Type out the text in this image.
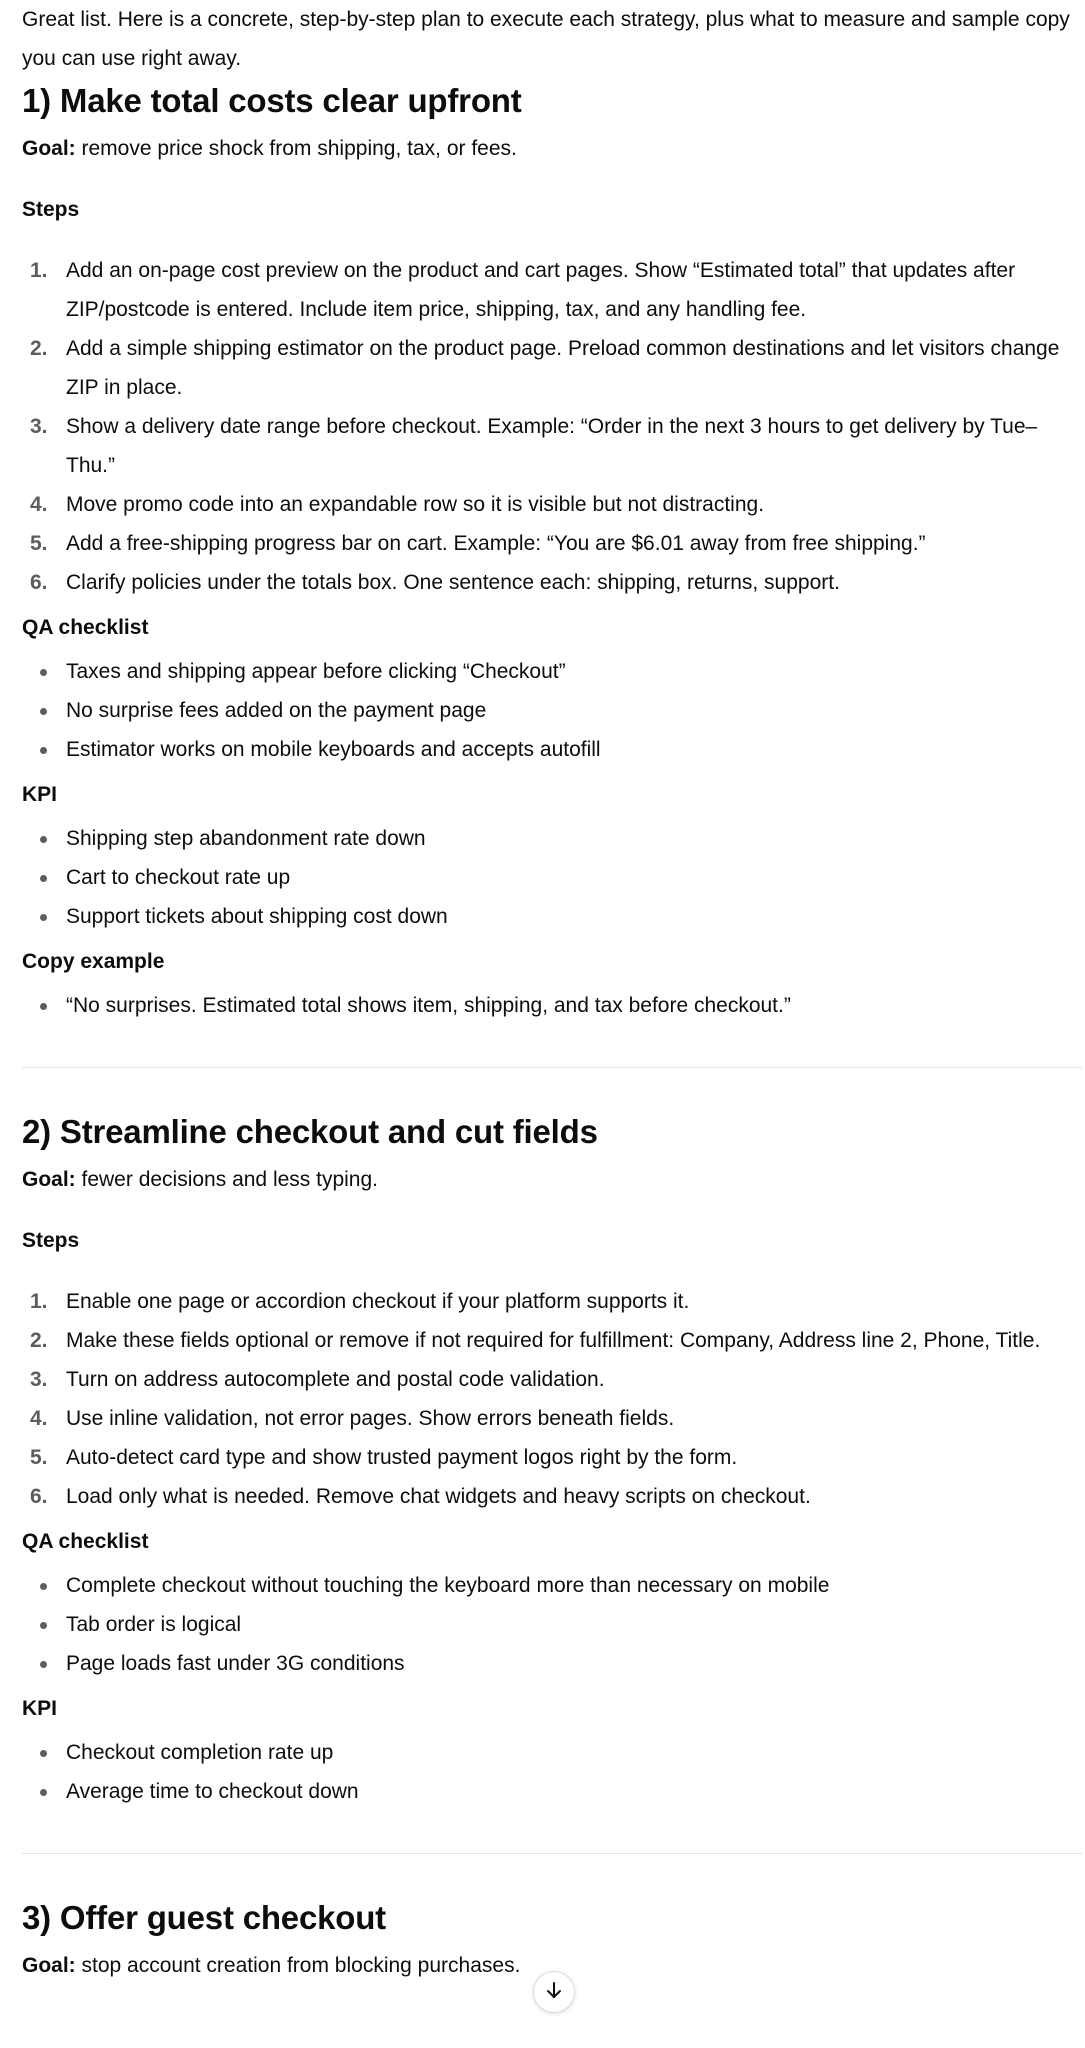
Great list. Here is a concrete, step-by-step plan to execute each strategy, plus what to measure and sample copy you can use right away.

1) Make total costs clear upfront

Goal: remove price shock from shipping, tax, or fees.

Steps
1. Add an on-page cost preview on the product and cart pages. Show “Estimated total” that updates after ZIP/postcode is entered. Include item price, shipping, tax, and any handling fee.
2. Add a simple shipping estimator on the product page. Preload common destinations and let visitors change ZIP in place.
3. Show a delivery date range before checkout. Example: “Order in the next 3 hours to get delivery by Tue–Thu.”
4. Move promo code into an expandable row so it is visible but not distracting.
5. Add a free-shipping progress bar on cart. Example: “You are $6.01 away from free shipping.”
6. Clarify policies under the totals box. One sentence each: shipping, returns, support.
QA checklist
Taxes and shipping appear before clicking “Checkout”
No surprise fees added on the payment page
Estimator works on mobile keyboards and accepts autofill
KPI
Shipping step abandonment rate down
Cart to checkout rate up
Support tickets about shipping cost down
Copy example
“No surprises. Estimated total shows item, shipping, and tax before checkout.”
2) Streamline checkout and cut fields

Goal: fewer decisions and less typing.

Steps
1. Enable one page or accordion checkout if your platform supports it.
2. Make these fields optional or remove if not required for fulfillment: Company, Address line 2, Phone, Title.
3. Turn on address autocomplete and postal code validation.
4. Use inline validation, not error pages. Show errors beneath fields.
5. Auto-detect card type and show trusted payment logos right by the form.
6. Load only what is needed. Remove chat widgets and heavy scripts on checkout.
QA checklist
Complete checkout without touching the keyboard more than necessary on mobile
Tab order is logical
Page loads fast under 3G conditions
KPI
Checkout completion rate up
Average time to checkout down
3) Offer guest checkout

Goal: stop account creation from blocking purchases.
